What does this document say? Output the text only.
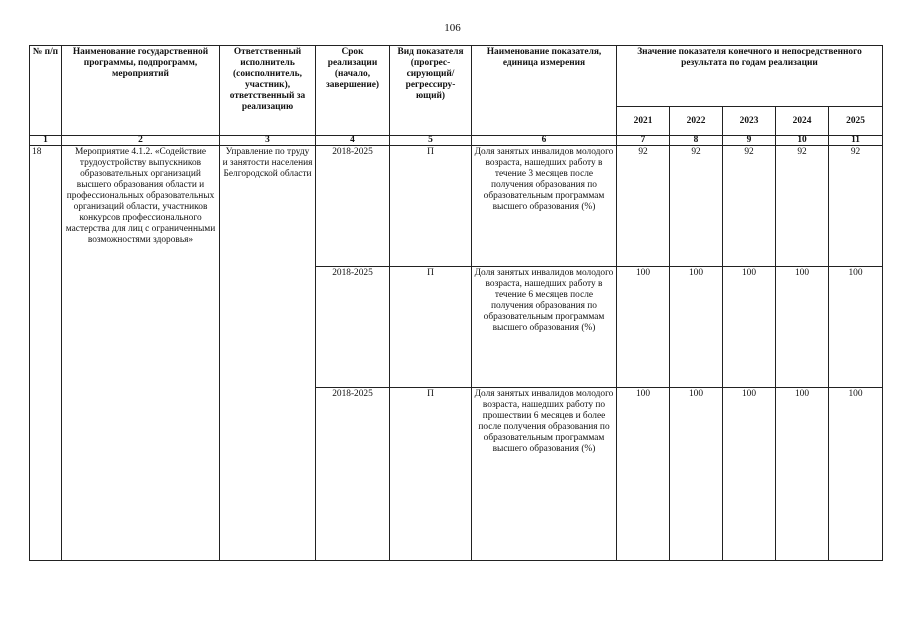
106
№ п/п	Наименование государственной программы, подпрограмм, мероприятий	Ответственный исполнитель (соисполнитель, участник), ответственный за реализацию	Срок реализации (начало, завершение)	Вид показателя (прогрес-сирующий/ регрессиру-ющий)	Наименование показателя, единица измерения	Значение показателя конечного и непосредственного результата по годам реализации				
						2021	2022	2023	2024	2025
1	2	3	4	5	6	7	8	9	10	11
18	Мероприятие 4.1.2. «Содействие трудоустройству выпускников образовательных организаций высшего образования области и профессиональных образовательных организаций области, участников конкурсов профессионального мастерства для лиц с ограниченными возможностями здоровья»	Управление по труду и занятости населения Белгородской области	2018-2025	П	Доля занятых инвалидов молодого возраста, нашедших работу в течение 3 месяцев после получения образования по образовательным программам высшего образования (%)	92	92	92	92	92
			2018-2025	П	Доля занятых инвалидов молодого возраста, нашедших работу в течение 6 месяцев после получения образования по образовательным программам высшего образования (%)	100	100	100	100	100
			2018-2025	П	Доля занятых инвалидов молодого возраста, нашедших работу по прошествии 6 месяцев и более после получения образования по образовательным программам высшего образования (%)	100	100	100	100	100
